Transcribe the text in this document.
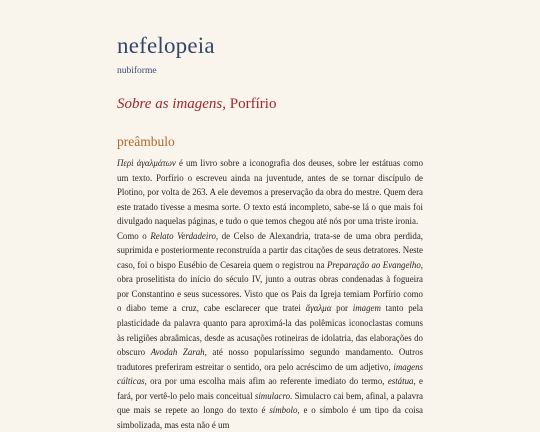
nefelopeia
nubiforme
Sobre as imagens, Porfírio
preâmbulo

Περὶ ἀγαλμάτων é um livro sobre a iconografia dos deuses, sobre ler estátuas como um texto. Porfírio o escreveu ainda na juventude, antes de se tornar discípulo de Plotino, por volta de 263. A ele devemos a preservação da obra do mestre. Quem dera este tratado tivesse a mesma sorte. O texto está incompleto, sabe-se lá o que mais foi divulgado naquelas páginas, e tudo o que temos chegou até nós por uma triste ironia.

Como o Relato Verdadeiro, de Celso de Alexandria, trata-se de uma obra perdida, suprimida e posteriormente reconstruída a partir das citações de seus detratores. Neste caso, foi o bispo Eusébio de Cesareia quem o registrou na Preparação ao Evangelho, obra proselitista do início do século IV, junto a outras obras condenadas à fogueira por Constantino e seus sucessores. Visto que os Pais da Igreja temiam Porfírio como o diabo teme a cruz, cabe esclarecer que tratei ἄγαλμα por imagem tanto pela plasticidade da palavra quanto para aproximá-la das polêmicas iconoclastas comuns às religiões abraâmicas, desde as acusações rotineiras de idolatria, das elaborações do obscuro Avodah Zarah, até nosso popularíssimo segundo mandamento. Outros tradutores preferiram estreitar o sentido, ora pelo acréscimo de um adjetivo, imagens cúlticas, ora por uma escolha mais afim ao referente imediato do termo, estátua, e fará, por vertê-lo pelo mais conceitual simulacro. Simulacro cai bem, afinal, a palavra que mais se repete ao longo do texto é símbolo, e o símbolo é um tipo da coisa simbolizada, mas esta não é um
